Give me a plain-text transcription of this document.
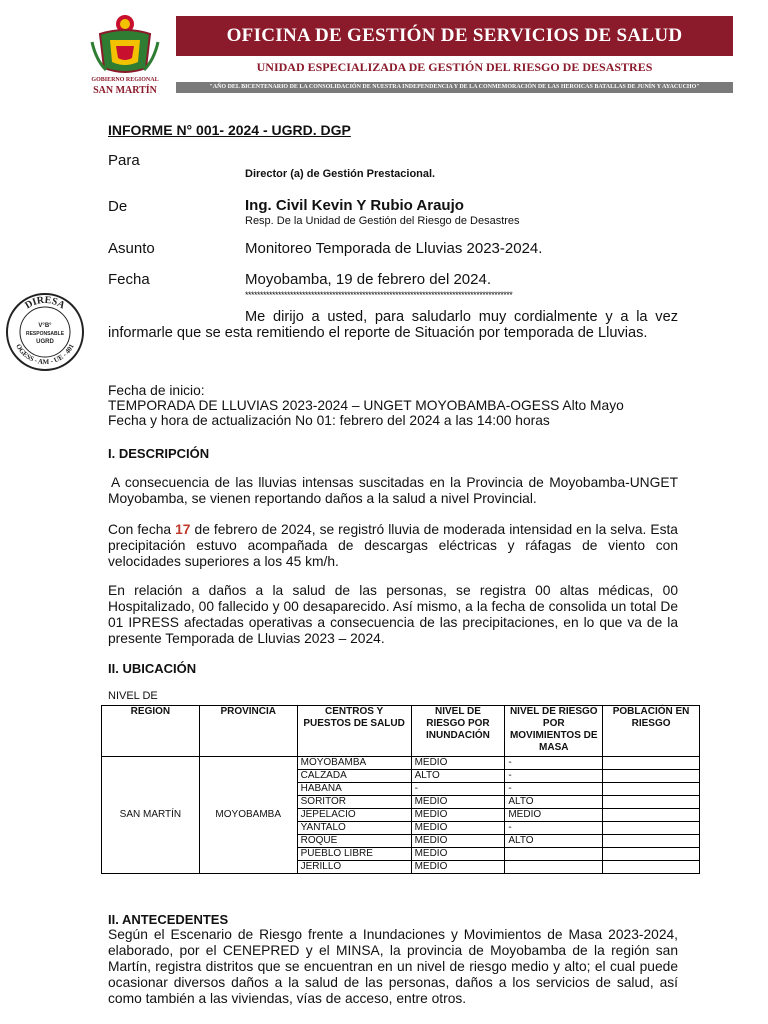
GOBIERNO REGIONAL
SAN MARTÍN
OFICINA DE GESTIÓN DE SERVICIOS DE SALUD
UNIDAD ESPECIALIZADA DE GESTIÓN DEL RIESGO DE DESASTRES
"AÑO DEL BICENTENARIO DE LA CONSOLIDACIÓN DE NUESTRA INDEPENDENCIA Y DE LA CONMEMORACIÓN DE LAS HEROICAS BATALLAS DE JUNÍN Y AYACUCHO"
INFORME N° 001- 2024 - UGRD. DGP
Para
Director (a) de Gestión Prestacional.
De	Ing. Civil Kevin Y Rubio Araujo
Resp. De la Unidad de Gestión del Riesgo de Desastres
Asunto	Monitoreo Temporada de Lluvias 2023-2024.
Fecha	Moyobamba, 19 de febrero del 2024.
*****************************************************************************************
DIRESA
OGESS - AM - UE - 401
V°B°
RESPONSABLE
UGRD
Me dirijo a usted, para saludarlo muy cordialmente y a la vez informarle que se esta remitiendo el reporte de Situación por temporada de Lluvias.
Fecha de inicio:
TEMPORADA DE LLUVIAS 2023-2024 – UNGET MOYOBAMBA-OGESS Alto Mayo
Fecha y hora de actualización No 01: febrero del 2024 a las 14:00 horas
I. DESCRIPCIÓN
A consecuencia de las lluvias intensas suscitadas en la Provincia de Moyobamba-UNGET Moyobamba, se vienen reportando daños a la salud a nivel Provincial.
Con fecha 17 de febrero de 2024, se registró lluvia de moderada intensidad en la selva. Esta precipitación estuvo acompañada de descargas eléctricas y ráfagas de viento con velocidades superiores a los 45 km/h.
En relación a daños a la salud de las personas, se registra 00 altas médicas, 00 Hospitalizado, 00 fallecido y 00 desaparecido. Así mismo, a la fecha de consolida un total De 01 IPRESS afectadas operativas a consecuencia de las precipitaciones, en lo que va de la presente Temporada de Lluvias 2023 – 2024.
II. UBICACIÓN
NIVEL DE
REGION	PROVINCIA	CENTROS Y PUESTOS DE SALUD	NIVEL DE RIESGO POR INUNDACIÓN	NIVEL DE RIESGO POR MOVIMIENTOS DE MASA	POBLACIÓN EN RIESGO
SAN MARTÍN	MOYOBAMBA	MOYOBAMBA	MEDIO	-	
		CALZADA	ALTO	-	
		HABANA	-	-	
		SORITOR	MEDIO	ALTO	
		JEPELACIO	MEDIO	MEDIO	
		YANTALO	MEDIO	-	
		ROQUE	MEDIO	ALTO	
		PUEBLO LIBRE	MEDIO		
		JERILLO	MEDIO		
II. ANTECEDENTES
Según el Escenario de Riesgo frente a Inundaciones y Movimientos de Masa 2023-2024, elaborado, por el CENEPRED y el MINSA, la provincia de Moyobamba de la región san Martín, registra distritos que se encuentran en un nivel de riesgo medio y alto; el cual puede ocasionar diversos daños a la salud de las personas, daños a los servicios de salud, así como también a las viviendas, vías de acceso, entre otros.
